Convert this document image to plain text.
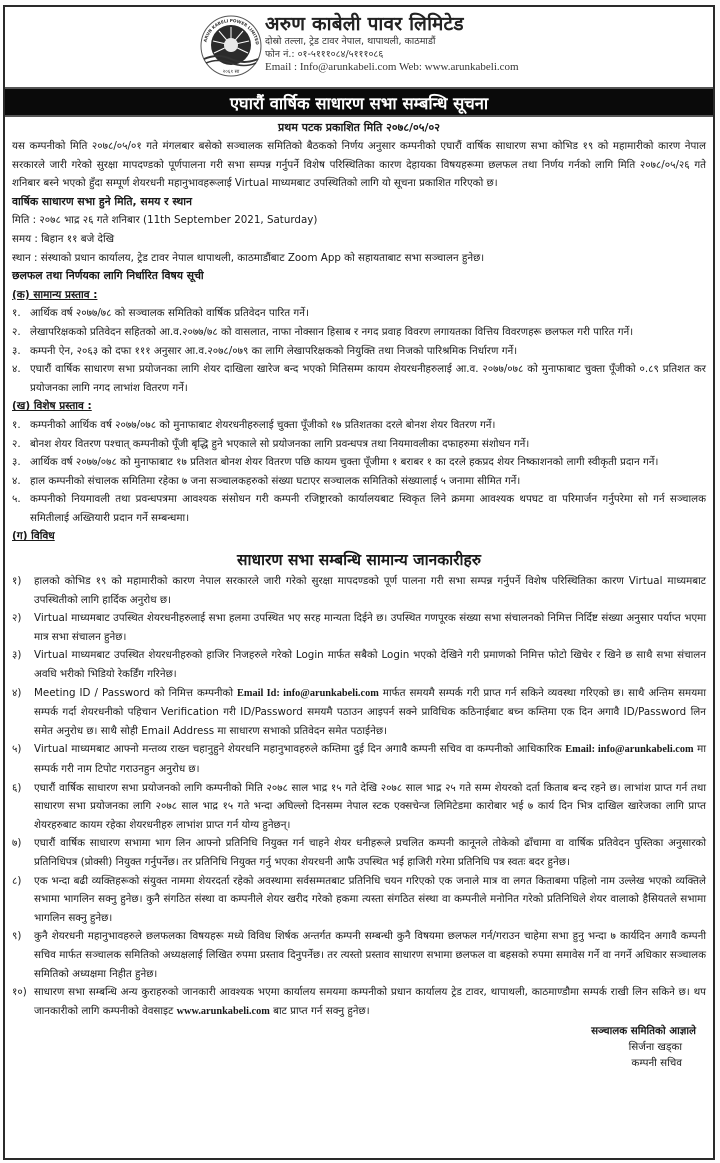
ARUN KABELI POWER LIMITED
२०६१ सा
अरुण काबेली पावर लिमिटेड
दोस्रो तल्ला, ट्रेड टावर नेपाल, थापाथली, काठमाडौं
फोन नं.: ०१-५१११०८४/५१११०८६
Email : Info@arunkabeli.com Web: www.arunkabeli.com
एघारौं वार्षिक साधारण सभा सम्बन्धि सूचना
प्रथम पटक प्रकाशित मिति २०७८/०५/०२

यस कम्पनीको मिति २०७८/०५/०१ गते मंगलबार बसेको सञ्चालक समितिको बैठकको निर्णय अनुसार कम्पनीको एघारौं वार्षिक साधारण सभा कोभिड १९ को महामारीको कारण नेपाल सरकारले जारी गरेको सुरक्षा मापदण्डको पूर्णपालना गरी सभा सम्पन्न गर्नुपर्ने विशेष परिस्थितिका कारण देहायका विषयहरूमा छलफल तथा निर्णय गर्नको लागि मिति २०७८/०५/२६ गते शनिबार बस्ने भएको हुँदा सम्पूर्ण शेयरधनी महानुभावहरूलाई Virtual माध्यमबाट उपस्थितिको लागि यो सूचना प्रकाशित गरिएको छ।

वार्षिक साधारण सभा हुने मिति, समय र स्थान
मिति : २०७८ भाद्र २६ गते शनिबार (11th September 2021, Saturday)
समय : बिहान ११ बजे देखि
स्थान : संस्थाको प्रधान कार्यालय, ट्रेड टावर नेपाल थापाथली, काठमाडौंबाट Zoom App को सहायताबाट सभा सञ्चालन हुनेछ।
छलफल तथा निर्णयका लागि निर्धारित विषय सूची
(क) सामान्य प्रस्ताव :
१. आर्थिक वर्ष २०७७/७८ को सञ्चालक समितिको वार्षिक प्रतिवेदन पारित गर्ने।
२. लेखापरिक्षकको प्रतिवेदन सहितको आ.व.२०७७/७८ को वासलात, नाफा नोक्सान हिसाब र नगद प्रवाह विवरण लगायतका वित्तिय विवरणहरू छलफल गरी पारित गर्ने।
३. कम्पनी ऐन, २०६३ को दफा १११ अनुसार आ.व.२०७८/०७९ का लागि लेखापरिक्षकको नियुक्ति तथा निजको पारिश्रमिक निर्धारण गर्ने।
४. एघारौं वार्षिक साधारण सभा प्रयोजनका लागि शेयर दाखिला खारेज बन्द भएको मितिसम्म कायम शेयरधनीहरुलाई आ.व. २०७७/०७८ को मुनाफाबाट चुक्ता पूँजीको ०.८९ प्रतिशत कर प्रयोजनका लागि नगद लाभांश वितरण गर्ने।
(ख) विशेष प्रस्ताव :
१. कम्पनीको आर्थिक वर्ष २०७७/०७८ को मुनाफाबाट शेयरधनीहरुलाई चुक्ता पूँजीको १७ प्रतिशतका दरले बोनश शेयर वितरण गर्ने।
२. बोनश शेयर वितरण पश्चात् कम्पनीको पूँजी बृद्धि हुने भएकाले सो प्रयोजनका लागि प्रवन्धपत्र तथा नियमावलीका दफाहरुमा संशोधन गर्ने।
३. आर्थिक वर्ष २०७७/०७८ को मुनाफाबाट १७ प्रतिशत बोनश शेयर वितरण पछि कायम चुक्ता पूँजीमा १ बराबर १ का दरले हकप्रद शेयर निष्काशनको लागी स्वीकृती प्रदान गर्ने।
४. हाल कम्पनीको संचालक समितिमा रहेका ७ जना सञ्चालकहरुको संख्या घटाएर सञ्चालक समितिको संख्यालाई ५ जनामा सीमित गर्ने।
५. कम्पनीको नियमावली तथा प्रवन्धपत्रमा आवश्यक संसोधन गरी कम्पनी रजिष्ट्रारको कार्यालयबाट स्विकृत लिने क्रममा आवश्यक थपघट वा परिमार्जन गर्नुपरेमा सो गर्न सञ्चालक समितीलाई अख्तियारी प्रदान गर्ने सम्बन्धमा।
(ग) विविध
साधारण सभा सम्बन्धि सामान्य जानकारीहरु
१)	हालको कोभिड १९ को महामारीको कारण नेपाल सरकारले जारी गरेको सुरक्षा मापदण्डको पूर्ण पालना गरी सभा सम्पन्न गर्नुपर्ने विशेष परिस्थितिका कारण Virtual माध्यमबाट उपस्थितीको लागि हार्दिक अनुरोध छ।
२)	Virtual माध्यमबाट उपस्थित शेयरधनीहरुलाई सभा हलमा उपस्थित भए सरह मान्यता दिईने छ। उपस्थित गणपूरक संख्या सभा संचालनको निमित्त निर्दिष्ट संख्या अनुसार पर्याप्त भएमा मात्र सभा संचालन हुनेछ।
३)	Virtual माध्यमबाट उपस्थित शेयरधनीहरुको हाजिर निजहरुले गरेको Login मार्फत सबैको Login भएको देखिने गरी प्रमाणको निमित्त फोटो खिचेर र खिने छ साथै सभा संचालन अवधि भरीको भिडियो रेकर्डिंग गरिनेछ।
४)	Meeting ID / Password को निमित्त कम्पनीको Email Id: info@arunkabeli.com मार्फत समयमै सम्पर्क गरी प्राप्त गर्न सकिने व्यवस्था गरिएको छ। साथै अन्तिम समयमा सम्पर्क गर्दा शेयरधनीको पहिचान Verification गरी ID/Password समयमै पठाउन आइपर्न सक्ने प्राविधिक कठिनाईबाट बच्न कम्तिमा एक दिन अगावै ID/Password लिन समेत अनुरोध छ। साथै सोही Email Address मा साधारण सभाको प्रतिवेदन समेत पठाईनेछ।
५)	Virtual माध्यमबाट आफ्नो मन्तव्य राख्न चहानुहुने शेयरधनि महानुभावहरुले कम्तिमा दुई दिन अगावै कम्पनी सचिव वा कम्पनीको आधिकारिक Email: info@arunkabeli.com मा सम्पर्क गरी नाम टिपोट गराउनहुन अनुरोध छ।
६)	एघारौं वार्षिक साधारण सभा प्रयोजनको लागि कम्पनीको मिति २०७८ साल भाद्र १५ गते देखि २०७८ साल भाद्र २५ गते सम्म शेयरको दर्ता किताब बन्द रहने छ। लाभांश प्राप्त गर्न तथा साधारण सभा प्रयोजनका लागि २०७८ साल भाद्र १५ गते भन्दा अघिल्लो दिनसम्म नेपाल स्टक एक्सचेन्ज लिमिटेडमा कारोबार भई ७ कार्य दिन भित्र दाखिल खारेजका लागि प्राप्त शेयरहरुबाट कायम रहेका शेयरधनीहरु लाभांश प्राप्त गर्न योग्य हुनेछन्।
७)	एघारौं वार्षिक साधारण सभामा भाग लिन आफ्नो प्रतिनिधि नियुक्त गर्न चाहने शेयर धनीहरूले प्रचलित कम्पनी कानूनले तोकेको ढाँचामा वा वार्षिक प्रतिवेदन पुस्तिका अनुसारको प्रतिनिधिपत्र (प्रोक्सी) नियुक्त गर्नुपर्नेछ। तर प्रतिनिधि नियुक्त गर्नु भएका शेयरधनी आफै उपस्थित भई हाजिरी गरेमा प्रतिनिधि पत्र स्वतः बदर हुनेछ।
८)	एक भन्दा बढी व्यक्तिहरूको संयुक्त नाममा शेयरदर्ता रहेको अवस्थामा सर्वसम्मतबाट प्रतिनिधि चयन गरिएको एक जनाले मात्र वा लगत किताबमा पहिलो नाम उल्लेख भएको व्यक्तिले सभामा भागलिन सक्नु हुनेछ। कुनै संगठित संस्था वा कम्पनीले शेयर खरीद गरेको हकमा त्यस्ता संगठित संस्था वा कम्पनीले मनोनित गरेको प्रतिनिधिले शेयर वालाको हैसियतले सभामा भागलिन सक्नु हुनेछ।
९)	कुनै शेयरधनी महानुभावहरुले छलफलका विषयहरू मध्ये विविध शिर्षक अन्तर्गत कम्पनी सम्बन्धी कुनै विषयमा छलफल गर्न/गराउन चाहेमा सभा हुनु भन्दा ७ कार्यदिन अगावै कम्पनी सचिव मार्फत सञ्चालक समितिको अध्यक्षलाई लिखित रुपमा प्रस्ताव दिनुपर्नेछ। तर त्यस्तो प्रस्ताव साधारण सभामा छलफल वा बहसको रुपमा समावेस गर्ने वा नगर्ने अधिकार सञ्चालक समितिको अध्यक्षमा निहीत हुनेछ।
१०) साधारण सभा सम्बन्धि अन्य कुराहरुको जानकारी आवश्यक भएमा कार्यालय समयमा कम्पनीको प्रधान कार्यालय ट्रेड टावर, थापाथली, काठमाण्डौमा सम्पर्क राखी लिन सकिने छ। थप जानकारीको लागि कम्पनीको वेवसाइट www.arunkabeli.com बाट प्राप्त गर्न सक्नु हुनेछ।
सञ्चालक समितिको आज्ञाले
सिर्जना खड्का
कम्पनी सचिव
